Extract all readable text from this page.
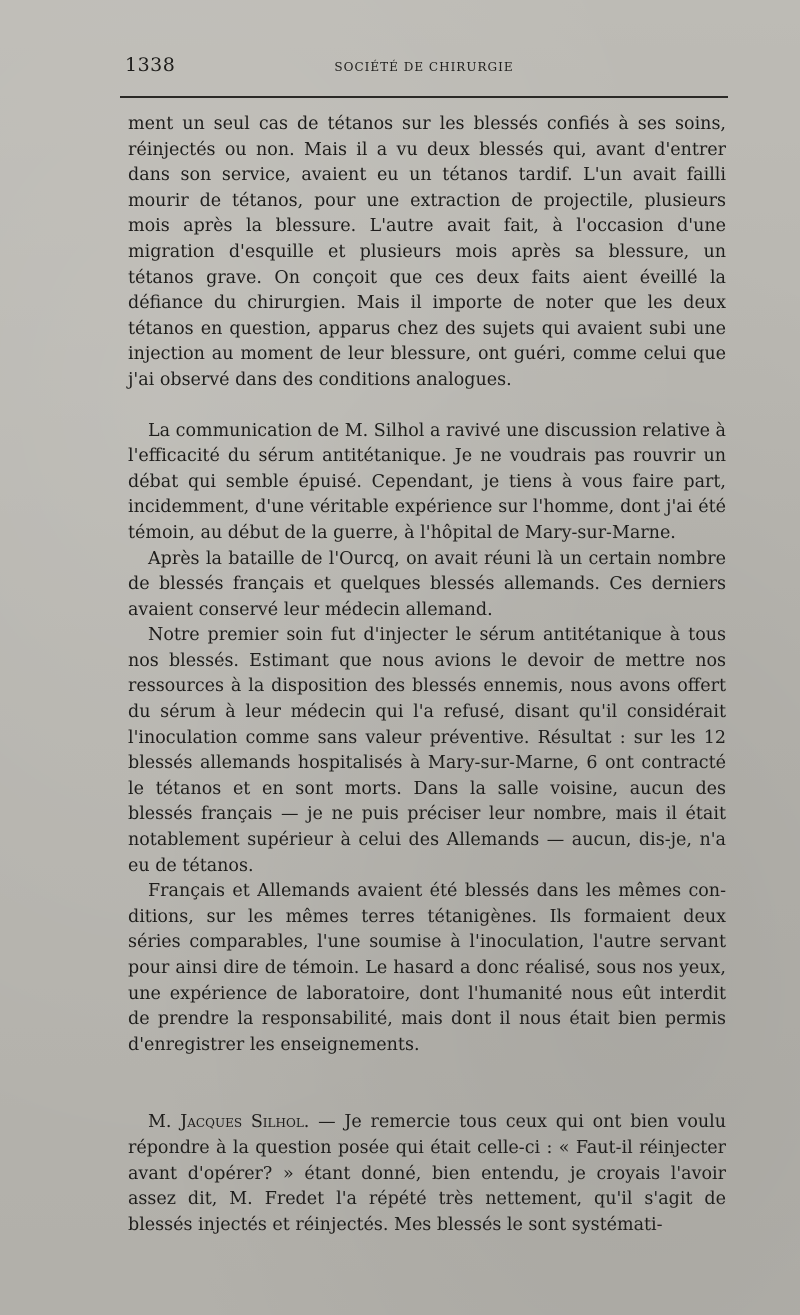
1338	SOCIÉTÉ DE CHIRURGIE

ment un seul cas de tétanos sur les blessés confiés à ses soins, réinjectés ou non. Mais il a vu deux blessés qui, avant d'entrer dans son service, avaient eu un tétanos tardif. L'un avait failli mourir de tétanos, pour une extraction de projectile, plusieurs mois après la blessure. L'autre avait fait, à l'occasion d'une migration d'esquille et plusieurs mois après sa blessure, un tétanos grave. On conçoit que ces deux faits aient éveillé la défiance du chirurgien. Mais il importe de noter que les deux tétanos en question, apparus chez des sujets qui avaient subi une injection au moment de leur blessure, ont guéri, comme celui que j'ai observé dans des conditions analogues.

La communication de M. Silhol a ravivé une discussion relative à l'efficacité du sérum antitétanique. Je ne voudrais pas rouvrir un débat qui semble épuisé. Cependant, je tiens à vous faire part, incidemment, d'une véritable expérience sur l'homme, dont j'ai été témoin, au début de la guerre, à l'hôpital de Mary-sur-Marne.

Après la bataille de l'Ourcq, on avait réuni là un certain nombre de blessés français et quelques blessés allemands. Ces derniers avaient conservé leur médecin allemand.

Notre premier soin fut d'injecter le sérum antitétanique à tous nos blessés. Estimant que nous avions le devoir de mettre nos ressources à la disposition des blessés ennemis, nous avons offert du sérum à leur médecin qui l'a refusé, disant qu'il considérait l'inoculation comme sans valeur préventive. Résultat : sur les 12 blessés allemands hospitalisés à Mary-sur-Marne, 6 ont contracté le tétanos et en sont morts. Dans la salle voisine, aucun des blessés français — je ne puis préciser leur nombre, mais il était notablement supérieur à celui des Allemands — aucun, dis-je, n'a eu de tétanos.

Français et Allemands avaient été blessés dans les mêmes conditions, sur les mêmes terres tétanigènes. Ils formaient deux séries comparables, l'une soumise à l'inoculation, l'autre servant pour ainsi dire de témoin. Le hasard a donc réalisé, sous nos yeux, une expérience de laboratoire, dont l'humanité nous eût interdit de prendre la responsabilité, mais dont il nous était bien permis d'enregistrer les enseignements.

M. Jacques Silhol. — Je remercie tous ceux qui ont bien voulu répondre à la question posée qui était celle-ci : « Faut-il réinjecter avant d'opérer? » étant donné, bien entendu, je croyais l'avoir assez dit, M. Fredet l'a répété très nettement, qu'il s'agit de blessés injectés et réinjectés. Mes blessés le sont systémati-
